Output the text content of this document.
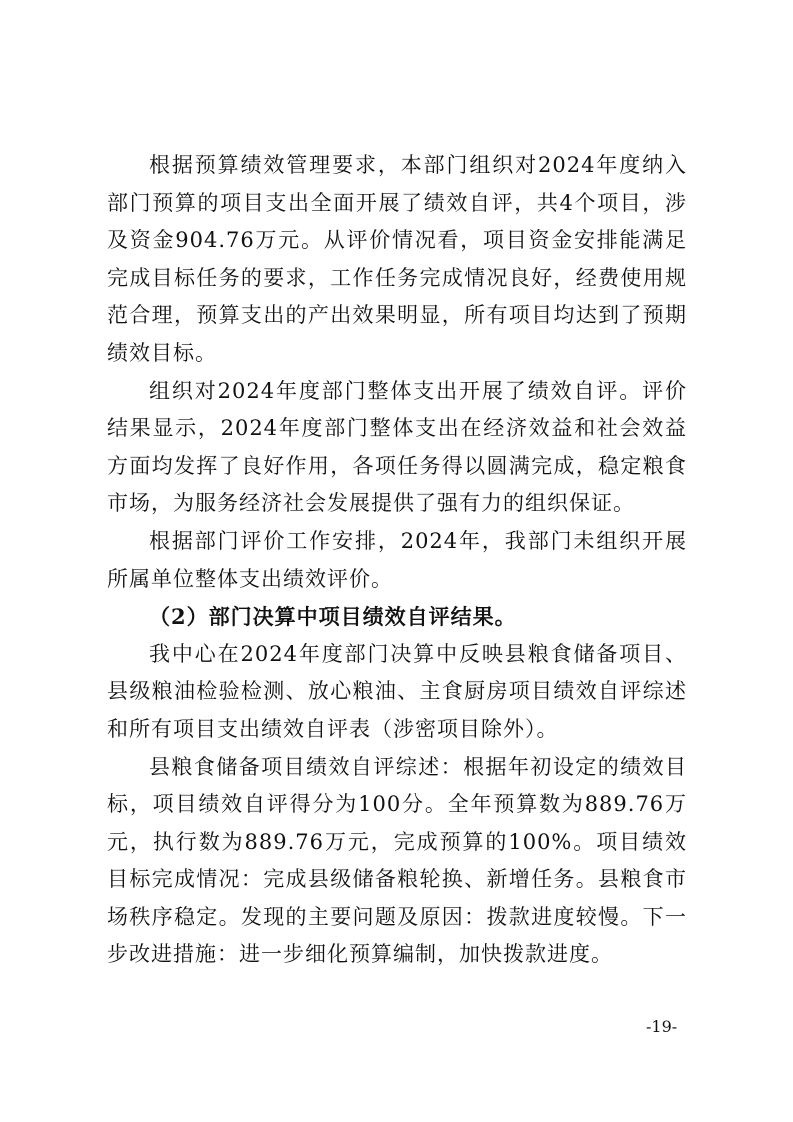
根据预算绩效管理要求，本部门组织对2024年度纳入部门预算的项目支出全面开展了绩效自评，共4个项目，涉及资金904.76万元。从评价情况看，项目资金安排能满足完成目标任务的要求，工作任务完成情况良好，经费使用规范合理，预算支出的产出效果明显，所有项目均达到了预期绩效目标。

组织对2024年度部门整体支出开展了绩效自评。评价结果显示，2024年度部门整体支出在经济效益和社会效益方面均发挥了良好作用，各项任务得以圆满完成，稳定粮食市场，为服务经济社会发展提供了强有力的组织保证。

根据部门评价工作安排，2024年，我部门未组织开展所属单位整体支出绩效评价。

（2）部门决算中项目绩效自评结果。

我中心在2024年度部门决算中反映县粮食储备项目、县级粮油检验检测、放心粮油、主食厨房项目绩效自评综述和所有项目支出绩效自评表（涉密项目除外）。

县粮食储备项目绩效自评综述：根据年初设定的绩效目标，项目绩效自评得分为100分。全年预算数为889.76万元，执行数为889.76万元，完成预算的100%。项目绩效目标完成情况：完成县级储备粮轮换、新增任务。县粮食市场秩序稳定。发现的主要问题及原因：拨款进度较慢。下一步改进措施：进一步细化预算编制，加快拨款进度。

-19-
